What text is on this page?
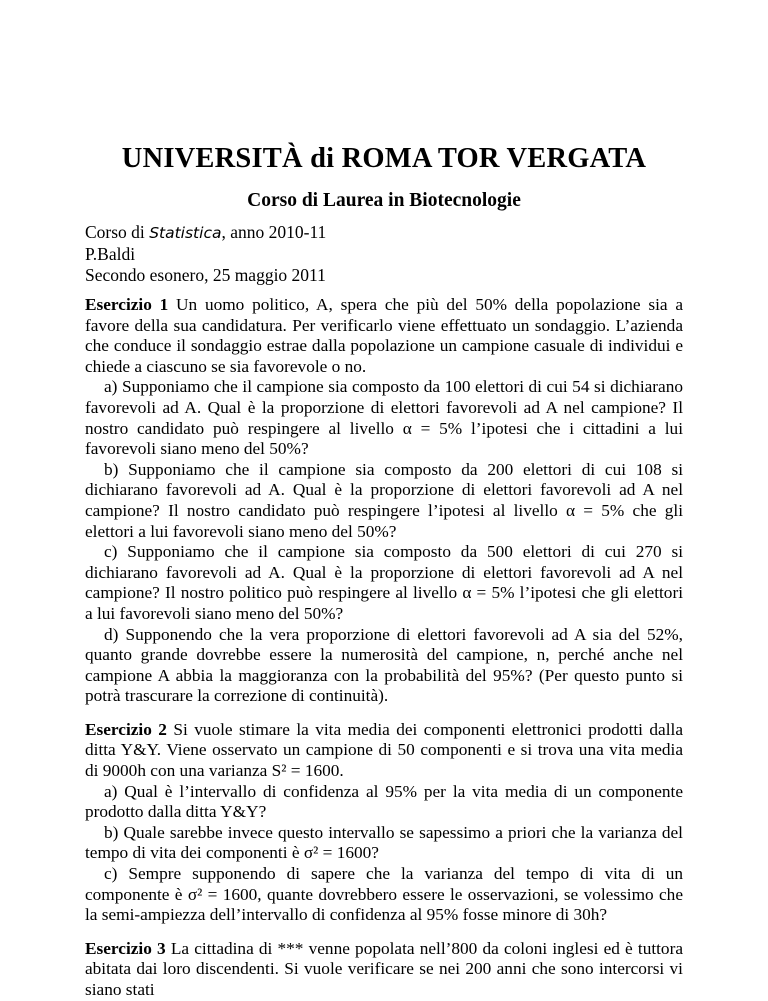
UNIVERSITÀ di ROMA TOR VERGATA
Corso di Laurea in Biotecnologie
Corso di Statistica, anno 2010-11
P.Baldi
Secondo esonero, 25 maggio 2011

Esercizio 1 Un uomo politico, A, spera che più del 50% della popolazione sia a favore della sua candidatura. Per verificarlo viene effettuato un sondaggio. L’azienda che conduce il sondaggio estrae dalla popolazione un campione casuale di individui e chiede a ciascuno se sia favorevole o no.

a) Supponiamo che il campione sia composto da 100 elettori di cui 54 si dichiarano favorevoli ad A. Qual è la proporzione di elettori favorevoli ad A nel campione? Il nostro candidato può respingere al livello α = 5% l’ipotesi che i cittadini a lui favorevoli siano meno del 50%?

b) Supponiamo che il campione sia composto da 200 elettori di cui 108 si dichiarano favorevoli ad A. Qual è la proporzione di elettori favorevoli ad A nel campione? Il nostro candidato può respingere l’ipotesi al livello α = 5% che gli elettori a lui favorevoli siano meno del 50%?

c) Supponiamo che il campione sia composto da 500 elettori di cui 270 si dichiarano favorevoli ad A. Qual è la proporzione di elettori favorevoli ad A nel campione? Il nostro politico può respingere al livello α = 5% l’ipotesi che gli elettori a lui favorevoli siano meno del 50%?

d) Supponendo che la vera proporzione di elettori favorevoli ad A sia del 52%, quanto grande dovrebbe essere la numerosità del campione, n, perché anche nel campione A abbia la maggioranza con la probabilità del 95%? (Per questo punto si potrà trascurare la correzione di continuità).

Esercizio 2 Si vuole stimare la vita media dei componenti elettronici prodotti dalla ditta Y&Y. Viene osservato un campione di 50 componenti e si trova una vita media di 9000h con una varianza S² = 1600.

a) Qual è l’intervallo di confidenza al 95% per la vita media di un componente prodotto dalla ditta Y&Y?

b) Quale sarebbe invece questo intervallo se sapessimo a priori che la varianza del tempo di vita dei componenti è σ² = 1600?

c) Sempre supponendo di sapere che la varianza del tempo di vita di un componente è σ² = 1600, quante dovrebbero essere le osservazioni, se volessimo che la semi-ampiezza dell’intervallo di confidenza al 95% fosse minore di 30h?

Esercizio 3 La cittadina di *** venne popolata nell’800 da coloni inglesi ed è tuttora abitata dai loro discendenti. Si vuole verificare se nei 200 anni che sono intercorsi vi siano stati
